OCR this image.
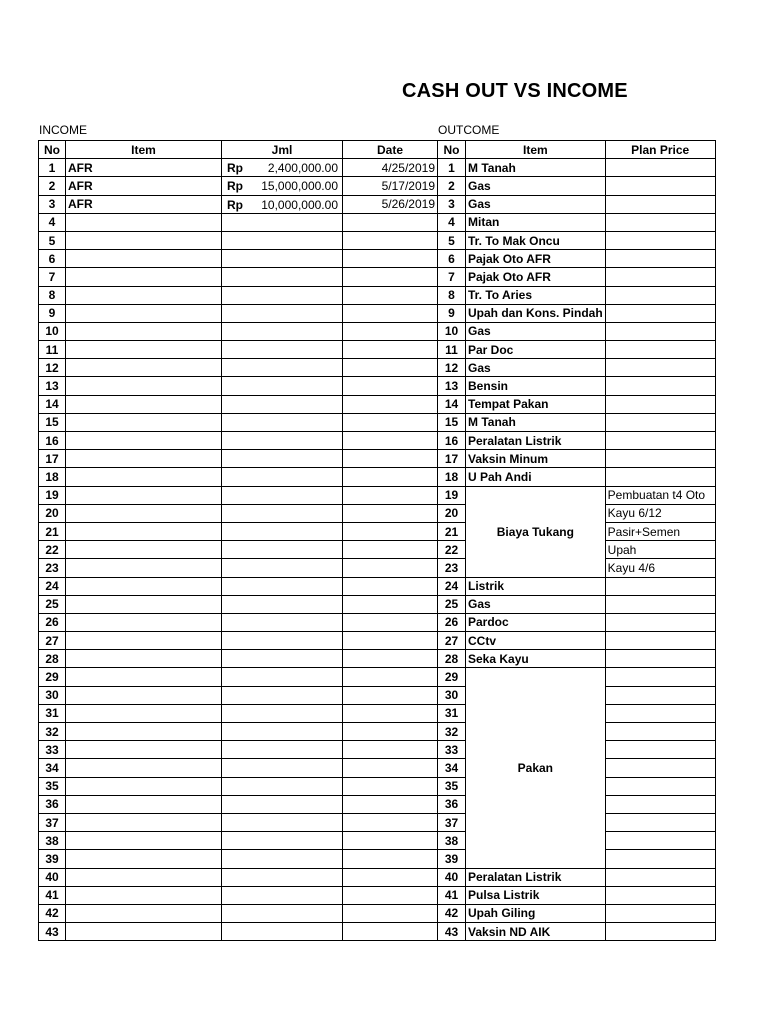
CASH OUT VS INCOME
INCOME	OUTCOME
No	Item	Jml	Date	No	Item	Plan Price
1	AFR	Rp 2,400,000.00	4/25/2019	1	M Tanah	
2	AFR	Rp 15,000,000.00	5/17/2019	2	Gas	
3	AFR	Rp 10,000,000.00	5/26/2019	3	Gas	
4				4	Mitan	
5				5	Tr. To Mak Oncu	
6				6	Pajak Oto AFR	
7				7	Pajak Oto AFR	
8				8	Tr. To Aries	
9				9	Upah dan Kons. Pindah	
10				10	Gas	
11				11	Par Doc	
12				12	Gas	
13				13	Bensin	
14				14	Tempat Pakan	
15				15	M Tanah	
16				16	Peralatan Listrik	
17				17	Vaksin Minum	
18				18	U Pah Andi	
19				19	Biaya Tukang	Pembuatan t4 Oto
20				20		Kayu 6/12
21				21		Pasir+Semen
22				22		Upah
23				23		Kayu 4/6
24				24	Listrik	
25				25	Gas	
26				26	Pardoc	
27				27	CCtv	
28				28	Seka Kayu	
29				29	Pakan	
30				30		
31				31		
32				32		
33				33		
34				34		
35				35		
36				36		
37				37		
38				38		
39				39		
40				40	Peralatan Listrik	
41				41	Pulsa Listrik	
42				42	Upah Giling	
43				43	Vaksin ND AIK	
